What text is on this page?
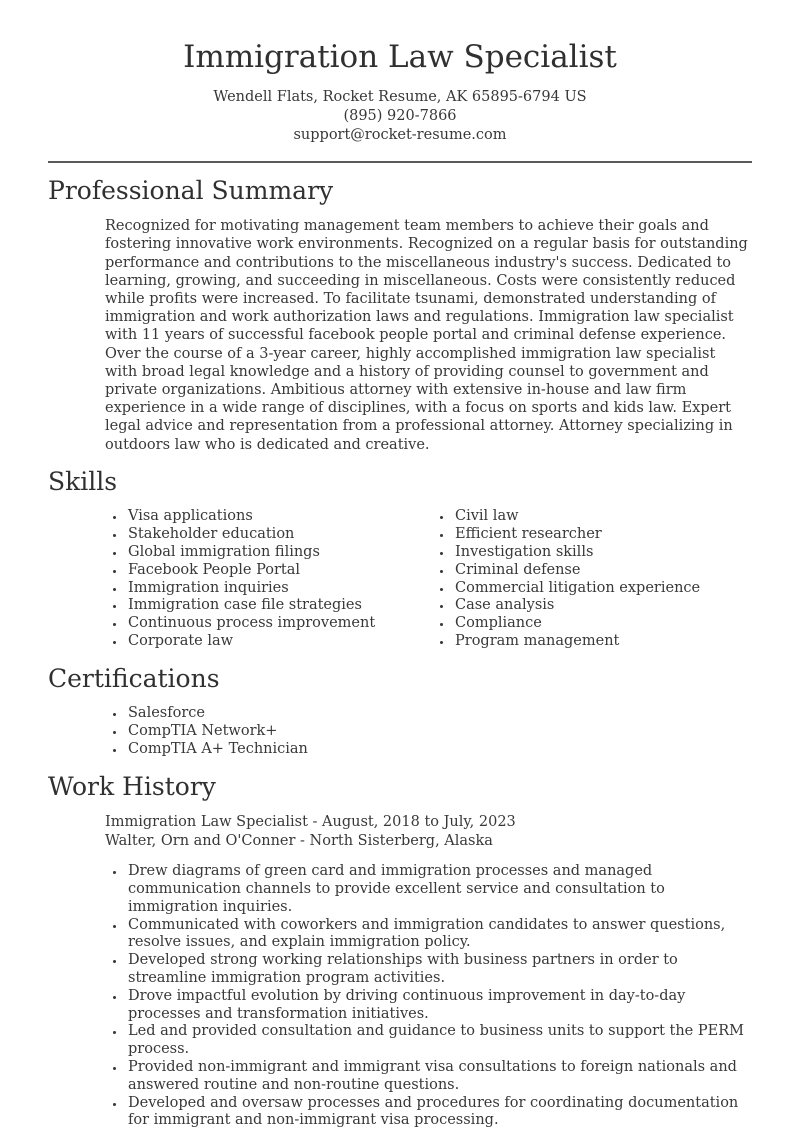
Immigration Law Specialist
Wendell Flats, Rocket Resume, AK 65895-6794 US
(895) 920-7866
support@rocket-resume.com
Professional Summary

Recognized for motivating management team members to achieve their goals and fostering innovative work environments. Recognized on a regular basis for outstanding performance and contributions to the miscellaneous industry's success. Dedicated to learning, growing, and succeeding in miscellaneous. Costs were consistently reduced while profits were increased. To facilitate tsunami, demonstrated understanding of immigration and work authorization laws and regulations. Immigration law specialist with 11 years of successful facebook people portal and criminal defense experience. Over the course of a 3-year career, highly accomplished immigration law specialist with broad legal knowledge and a history of providing counsel to government and private organizations. Ambitious attorney with extensive in-house and law firm experience in a wide range of disciplines, with a focus on sports and kids law. Expert legal advice and representation from a professional attorney. Attorney specializing in outdoors law who is dedicated and creative.

Skills
• Visa applications
• Stakeholder education
• Global immigration filings
• Facebook People Portal
• Immigration inquiries
• Immigration case file strategies
• Continuous process improvement
• Corporate law
• Civil law
• Efficient researcher
• Investigation skills
• Criminal defense
• Commercial litigation experience
• Case analysis
• Compliance
• Program management
Certifications
• Salesforce
• CompTIA Network+
• CompTIA A+ Technician
Work History
Immigration Law Specialist - August, 2018 to July, 2023
Walter, Orn and O'Conner - North Sisterberg, Alaska
• Drew diagrams of green card and immigration processes and managed communication channels to provide excellent service and consultation to immigration inquiries.
• Communicated with coworkers and immigration candidates to answer questions, resolve issues, and explain immigration policy.
• Developed strong working relationships with business partners in order to streamline immigration program activities.
• Drove impactful evolution by driving continuous improvement in day-to-day processes and transformation initiatives.
• Led and provided consultation and guidance to business units to support the PERM process.
• Provided non-immigrant and immigrant visa consultations to foreign nationals and answered routine and non-routine questions.
• Developed and oversaw processes and procedures for coordinating documentation for immigrant and non-immigrant visa processing.
